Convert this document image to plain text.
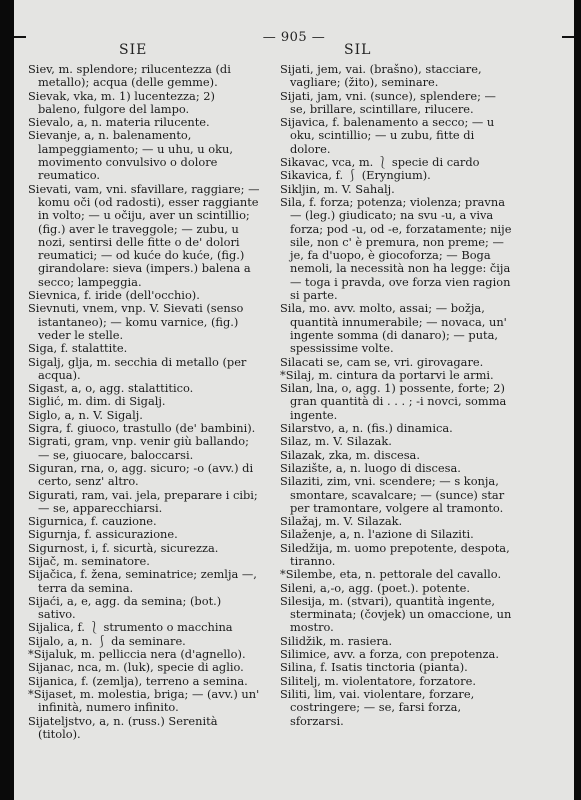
— 905 —
SIE	SIL

Siev, m. splendore; rilucentezza (di metallo); acqua (delle gemme).

Sievak, vka, m. 1) lucentezza; 2) baleno, fulgore del lampo.

Sievalo, a, n. materia rilucente.

Sievanje, a, n. balenamento, lampeggiamento; — u uhu, u oku, movimento convulsivo o dolore reumatico.

Sievati, vam, vni. sfavillare, raggiare; — komu oči (od radosti), esser raggiante in volto; — u očiju, aver un scintillio; (fig.) aver le traveggole; — zubu, u nozi, sentirsi delle fitte o de' dolori reumatici; — od kuće do kuće, (fig.) girandolare: sieva (impers.) balena a secco; lampeggia.

Sievnica, f. iride (dell'occhio).

Sievnuti, vnem, vnp. V. Sievati (senso istantaneo); — komu varnice, (fig.) veder le stelle.

Siga, f. stalattite.

Sigalj, glja, m. secchia di metallo (per acqua).

Sigast, a, o, agg. stalattitico.

Siglić, m. dim. di Sigalj.

Siglo, a, n. V. Sigalj.

Sigra, f. giuoco, trastullo (de' bambini).

Sigrati, gram, vnp. venir giù ballando; — se, giuocare, baloccarsi.

Siguran, rna, o, agg. sicuro; -o (avv.) di certo, senz' altro.

Sigurati, ram, vai. jela, preparare i cibi; — se, apparecchiarsi.

Sigurnica, f. cauzione.

Sigurnja, f. assicurazione.

Sigurnost, i, f. sicurtà, sicurezza.

Sijač, m. seminatore.

Sijačica, f. žena, seminatrice; zemlja —, terra da semina.

Sijaći, a, e, agg. da semina; (bot.) sativo.

Sijalica, f. ⎱ strumento o macchina

Sijalo, a, n. ⎰ da seminare.

*Sijaluk, m. pelliccia nera (d'agnello).

Sijanac, nca, m. (luk), specie di aglio.

Sijanica, f. (zemlja), terreno a semina.

*Sijaset, m. molestia, briga; — (avv.) un' infinità, numero infinito.

Sijateljstvo, a, n. (russ.) Serenità (titolo).

Sijati, jem, vai. (brašno), stacciare, vagliare; (žito), seminare.

Sijati, jam, vni. (sunce), splendere; — se, brillare, scintillare, rilucere.

Sijavica, f. balenamento a secco; — u oku, scintillio; — u zubu, fitte di dolore.

Sikavac, vca, m. ⎱ specie di cardo

Sikavica, f. ⎰ (Eryngium).

Sikljin, m. V. Sahalj.

Sila, f. forza; potenza; violenza; pravna — (leg.) giudicato; na svu -u, a viva forza; pod -u, od -e, forzatamente; nije sile, non c' è premura, non preme; — je, fa d'uopo, è giocoforza; — Boga nemoli, la necessità non ha legge: čija — toga i pravda, ove forza vien ragion si parte.

Sila, mo. avv. molto, assai; — božja, quantità innumerabile; — novaca, un' ingente somma (di danaro); — puta, spessissime volte.

Silacati se, cam se, vri. girovagare.

*Silaj, m. cintura da portarvi le armi.

Silan, lna, o, agg. 1) possente, forte; 2) gran quantità di . . . ; -i novci, somma ingente.

Silarstvo, a, n. (fis.) dinamica.

Silaz, m. V. Silazak.

Silazak, zka, m. discesa.

Silazište, a, n. luogo di discesa.

Silaziti, zim, vni. scendere; — s konja, smontare, scavalcare; — (sunce) star per tramontare, volgere al tramonto.

Silažaj, m. V. Silazak.

Silaženje, a, n. l'azione di Silaziti.

Siledžija, m. uomo prepotente, despota, tiranno.

*Silembe, eta, n. pettorale del cavallo.

Sileni, a,-o, agg. (poet.). potente.

Silesija, m. (stvari), quantità ingente, sterminata; (čovjek) un omaccione, un mostro.

Silidžik, m. rasiera.

Silimice, avv. a forza, con prepotenza.

Silina, f. Isatis tinctoria (pianta).

Silitelj, m. violentatore, forzatore.

Siliti, lim, vai. violentare, forzare, costringere; — se, farsi forza, sforzarsi.
